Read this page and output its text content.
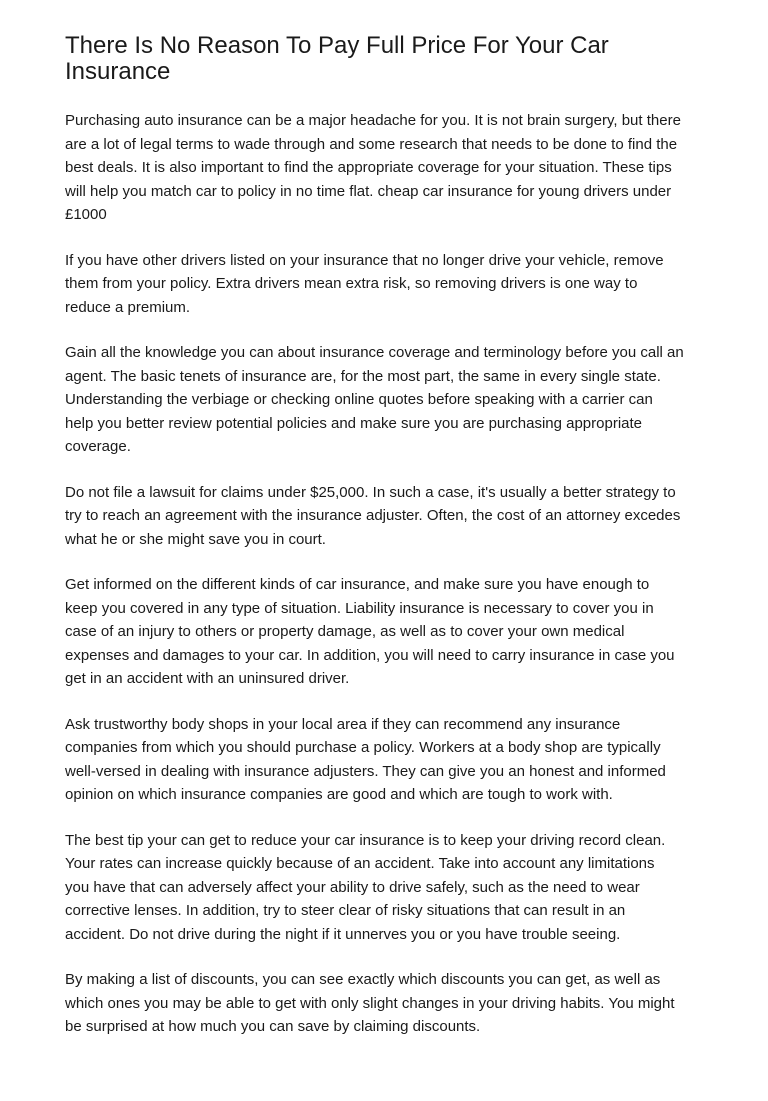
There Is No Reason To Pay Full Price For Your Car
Insurance

Purchasing auto insurance can be a major headache for you. It is not brain surgery, but there
are a lot of legal terms to wade through and some research that needs to be done to find the
best deals. It is also important to find the appropriate coverage for your situation. These tips
will help you match car to policy in no time flat. cheap car insurance for young drivers under
£1000

If you have other drivers listed on your insurance that no longer drive your vehicle, remove
them from your policy. Extra drivers mean extra risk, so removing drivers is one way to
reduce a premium.

Gain all the knowledge you can about insurance coverage and terminology before you call an
agent. The basic tenets of insurance are, for the most part, the same in every single state.
Understanding the verbiage or checking online quotes before speaking with a carrier can
help you better review potential policies and make sure you are purchasing appropriate
coverage.

Do not file a lawsuit for claims under $25,000. In such a case, it's usually a better strategy to
try to reach an agreement with the insurance adjuster. Often, the cost of an attorney excedes
what he or she might save you in court.

Get informed on the different kinds of car insurance, and make sure you have enough to
keep you covered in any type of situation. Liability insurance is necessary to cover you in
case of an injury to others or property damage, as well as to cover your own medical
expenses and damages to your car. In addition, you will need to carry insurance in case you
get in an accident with an uninsured driver.

Ask trustworthy body shops in your local area if they can recommend any insurance
companies from which you should purchase a policy. Workers at a body shop are typically
well-versed in dealing with insurance adjusters. They can give you an honest and informed
opinion on which insurance companies are good and which are tough to work with.

The best tip your can get to reduce your car insurance is to keep your driving record clean.
Your rates can increase quickly because of an accident. Take into account any limitations
you have that can adversely affect your ability to drive safely, such as the need to wear
corrective lenses. In addition, try to steer clear of risky situations that can result in an
accident. Do not drive during the night if it unnerves you or you have trouble seeing.

By making a list of discounts, you can see exactly which discounts you can get, as well as
which ones you may be able to get with only slight changes in your driving habits. You might
be surprised at how much you can save by claiming discounts.
